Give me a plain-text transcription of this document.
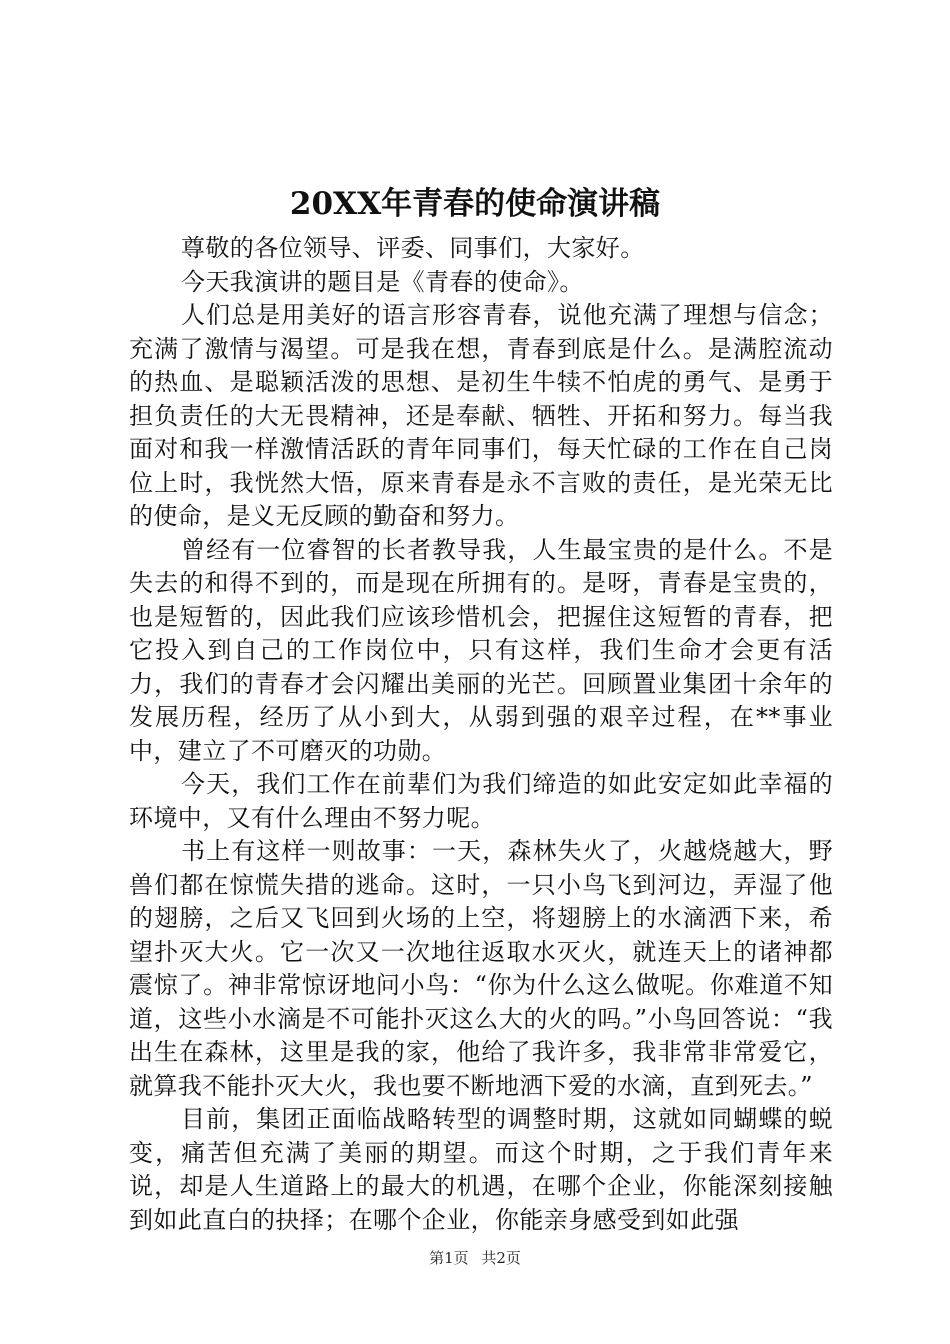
20XX年青春的使命演讲稿

尊敬的各位领导、评委、同事们，大家好。

今天我演讲的题目是《青春的使命》。

人们总是用美好的语言形容青春，说他充满了理想与信念；充满了激情与渴望。可是我在想，青春到底是什么。是满腔流动的热血、是聪颖活泼的思想、是初生牛犊不怕虎的勇气、是勇于担负责任的大无畏精神，还是奉献、牺牲、开拓和努力。每当我面对和我一样激情活跃的青年同事们，每天忙碌的工作在自己岗位上时，我恍然大悟，原来青春是永不言败的责任，是光荣无比的使命，是义无反顾的勤奋和努力。

曾经有一位睿智的长者教导我，人生最宝贵的是什么。不是失去的和得不到的，而是现在所拥有的。是呀，青春是宝贵的，也是短暂的，因此我们应该珍惜机会，把握住这短暂的青春，把它投入到自己的工作岗位中，只有这样，我们生命才会更有活力，我们的青春才会闪耀出美丽的光芒。回顾置业集团十余年的发展历程，经历了从小到大，从弱到强的艰辛过程，在**事业中，建立了不可磨灭的功勋。

今天，我们工作在前辈们为我们缔造的如此安定如此幸福的环境中，又有什么理由不努力呢。

书上有这样一则故事：一天，森林失火了，火越烧越大，野兽们都在惊慌失措的逃命。这时，一只小鸟飞到河边，弄湿了他的翅膀，之后又飞回到火场的上空，将翅膀上的水滴洒下来，希望扑灭大火。它一次又一次地往返取水灭火，就连天上的诸神都震惊了。神非常惊讶地问小鸟：“你为什么这么做呢。你难道不知道，这些小水滴是不可能扑灭这么大的火的吗。”小鸟回答说：“我出生在森林，这里是我的家，他给了我许多，我非常非常爱它，就算我不能扑灭大火，我也要不断地洒下爱的水滴，直到死去。”

目前，集团正面临战略转型的调整时期，这就如同蝴蝶的蜕变，痛苦但充满了美丽的期望。而这个时期，之于我们青年来说，却是人生道路上的最大的机遇，在哪个企业，你能深刻接触到如此直白的抉择；在哪个企业，你能亲身感受到如此强

第1页 共2页
